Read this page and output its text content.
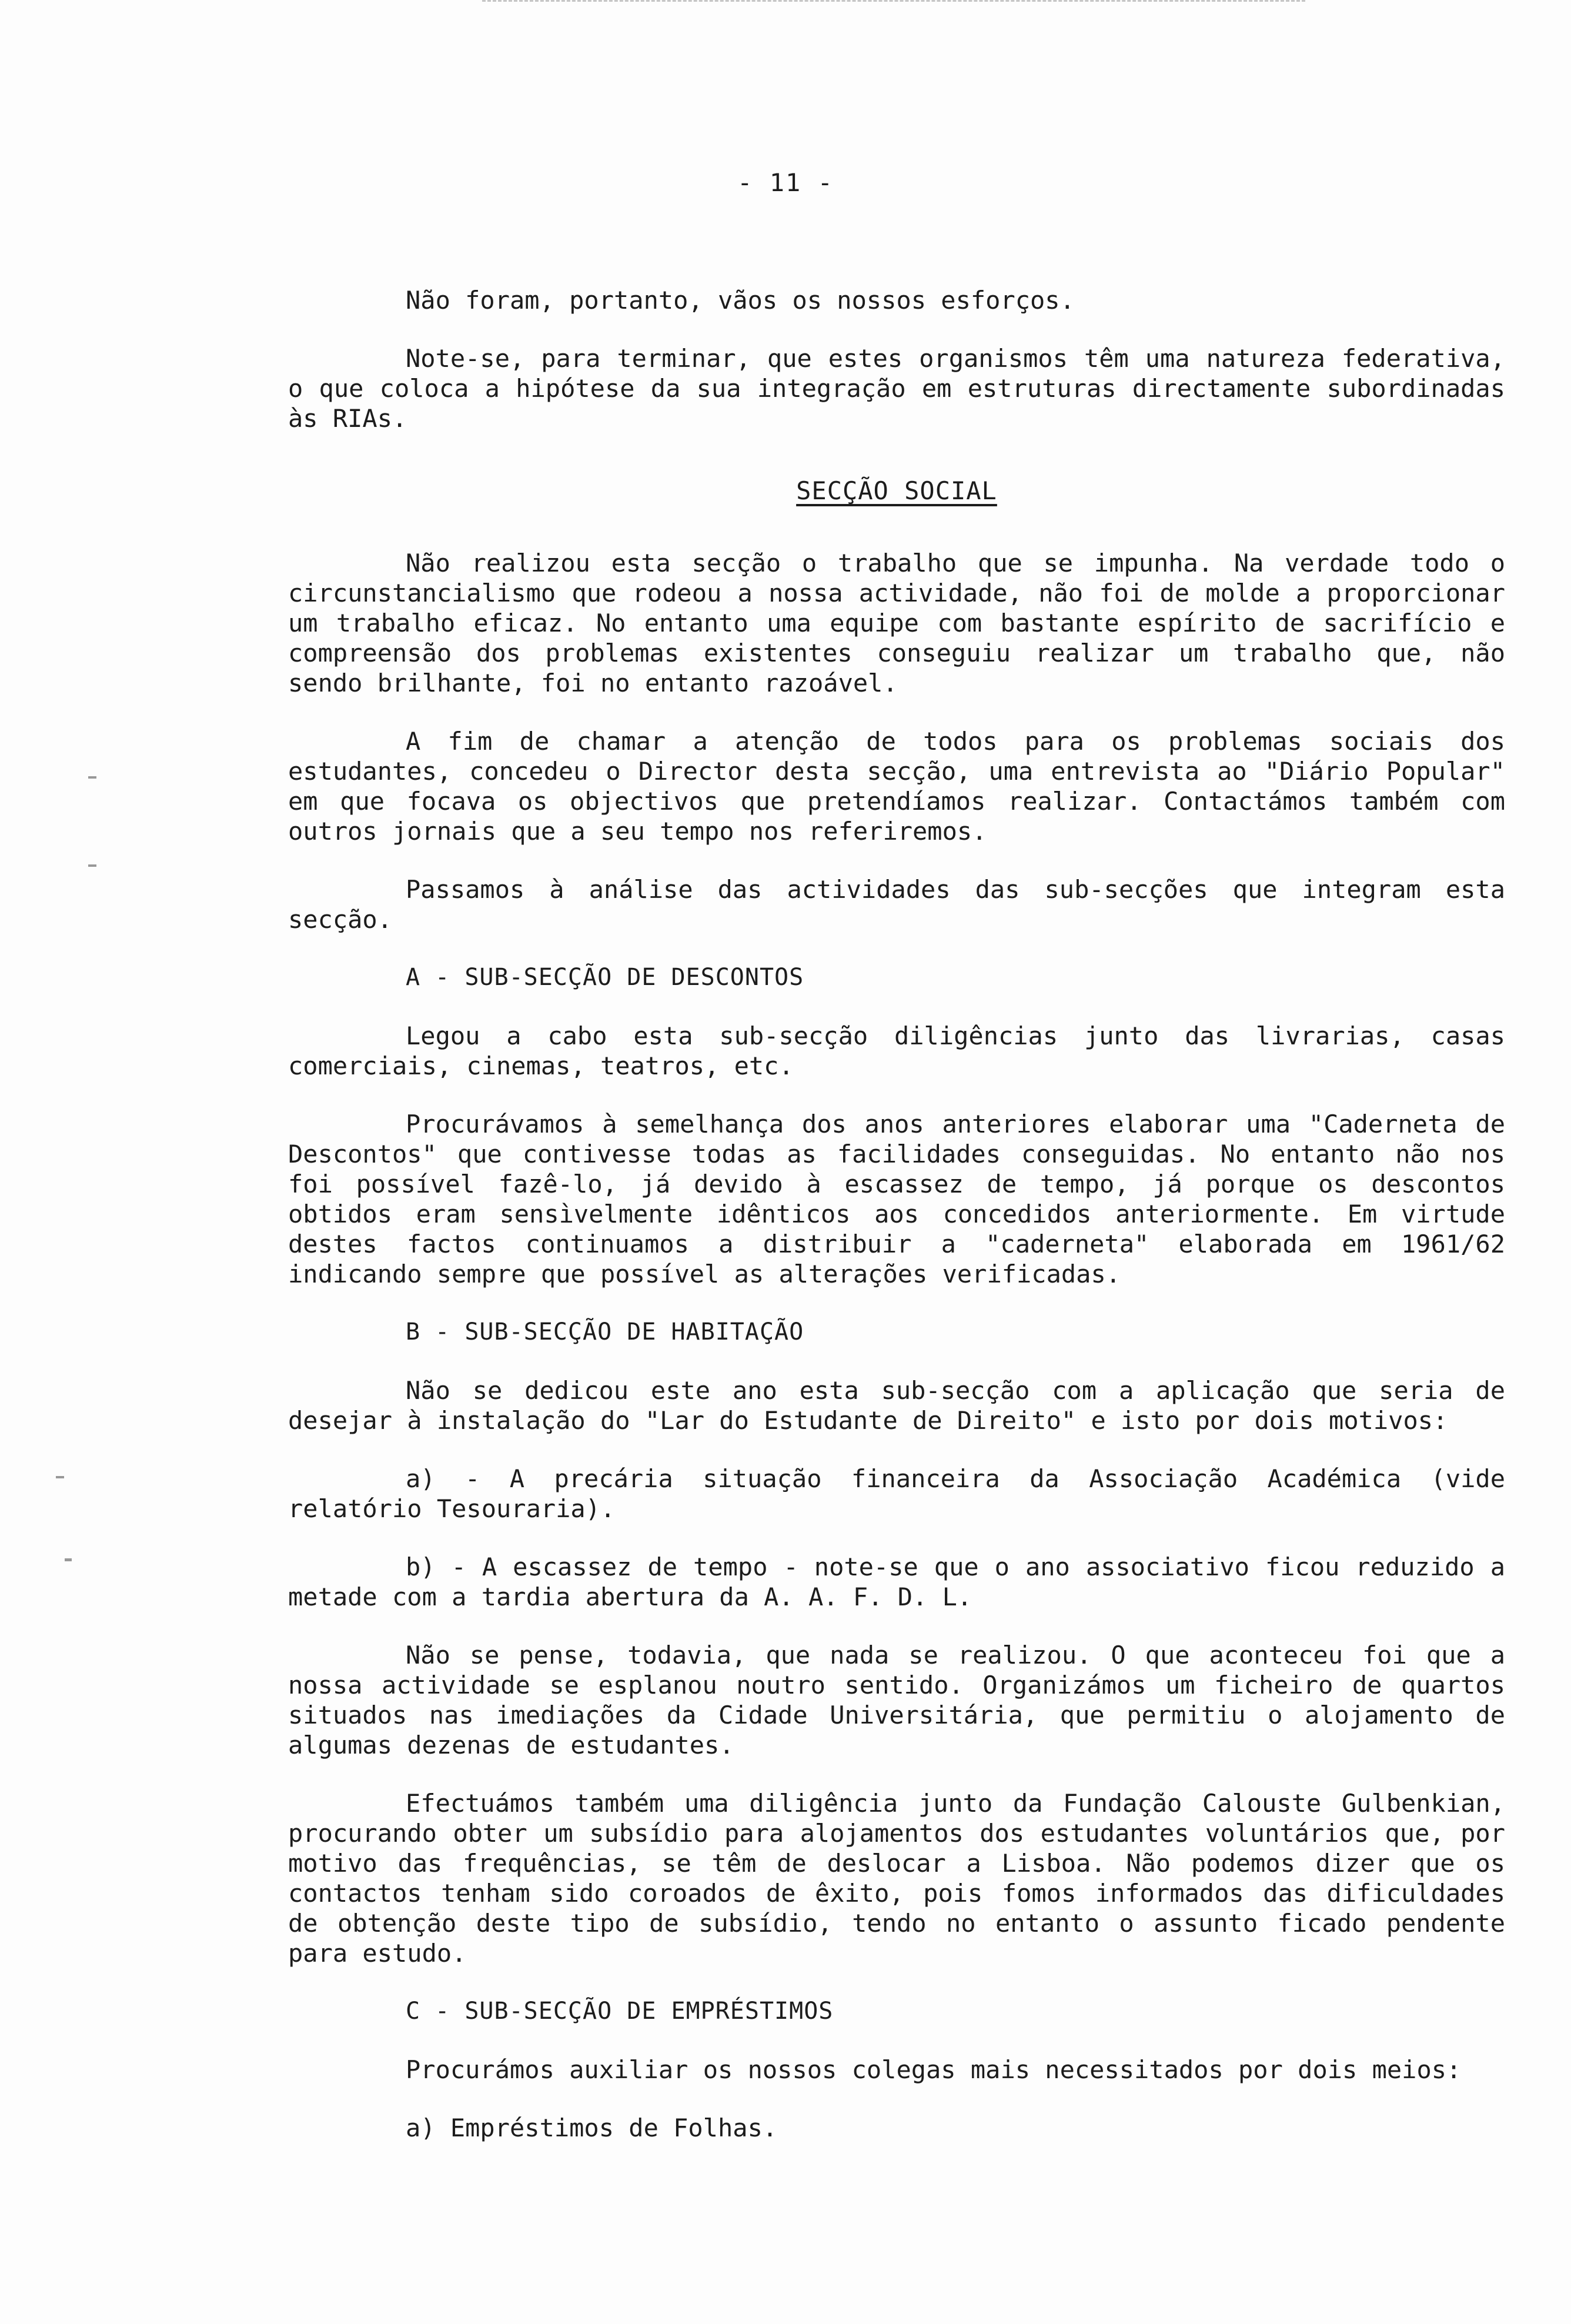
- 11 -

Não foram, portanto, vãos os nossos esforços.

Note-se, para terminar, que estes organismos têm uma natureza federativa, o que coloca a hipótese da sua integração em estruturas directamente subordinadas às RIAs.

SECÇÃO SOCIAL

Não realizou esta secção o trabalho que se impunha. Na verdade todo o circunstancialismo que rodeou a nossa actividade, não foi de molde a proporcionar um trabalho eficaz. No entanto uma equipe com bastante espírito de sacrifício e compreensão dos problemas existentes conseguiu realizar um trabalho que, não sendo brilhante, foi no entanto razoável.

A fim de chamar a atenção de todos para os problemas sociais dos estudantes, concedeu o Director desta secção, uma entrevista ao "Diário Popular" em que focava os objectivos que pretendíamos realizar. Contactámos também com outros jornais que a seu tempo nos referiremos.

Passamos à análise das actividades das sub-secções que integram esta secção.

A - SUB-SECÇÃO DE DESCONTOS

Legou a cabo esta sub-secção diligências junto das livrarias, casas comerciais, cinemas, teatros, etc.

Procurávamos à semelhança dos anos anteriores elaborar uma "Caderneta de Descontos" que contivesse todas as facilidades conseguidas. No entanto não nos foi possível fazê-lo, já devido à escassez de tempo, já porque os descontos obtidos eram sensìvelmente idênticos aos concedidos anteriormente. Em virtude destes factos continuamos a distribuir a "caderneta" elaborada em 1961/62 indicando sempre que possível as alterações verificadas.

B - SUB-SECÇÃO DE HABITAÇÃO

Não se dedicou este ano esta sub-secção com a aplicação que seria de desejar à instalação do "Lar do Estudante de Direito" e isto por dois motivos:

a) - A precária situação financeira da Associação Académica (vide relatório Tesouraria).

b) - A escassez de tempo - note-se que o ano associativo ficou reduzido a metade com a tardia abertura da A. A. F. D. L.

Não se pense, todavia, que nada se realizou. O que aconteceu foi que a nossa actividade se esplanou noutro sentido. Organizámos um ficheiro de quartos situados nas imediações da Cidade Universitária, que permitiu o alojamento de algumas dezenas de estudantes.

Efectuámos também uma diligência junto da Fundação Calouste Gulbenkian, procurando obter um subsídio para alojamentos dos estudantes voluntários que, por motivo das frequências, se têm de deslocar a Lisboa. Não podemos dizer que os contactos tenham sido coroados de êxito, pois fomos informados das dificuldades de obtenção deste tipo de subsídio, tendo no entanto o assunto ficado pendente para estudo.

C - SUB-SECÇÃO DE EMPRÉSTIMOS

Procurámos auxiliar os nossos colegas mais necessitados por dois meios:

a) Empréstimos de Folhas.
